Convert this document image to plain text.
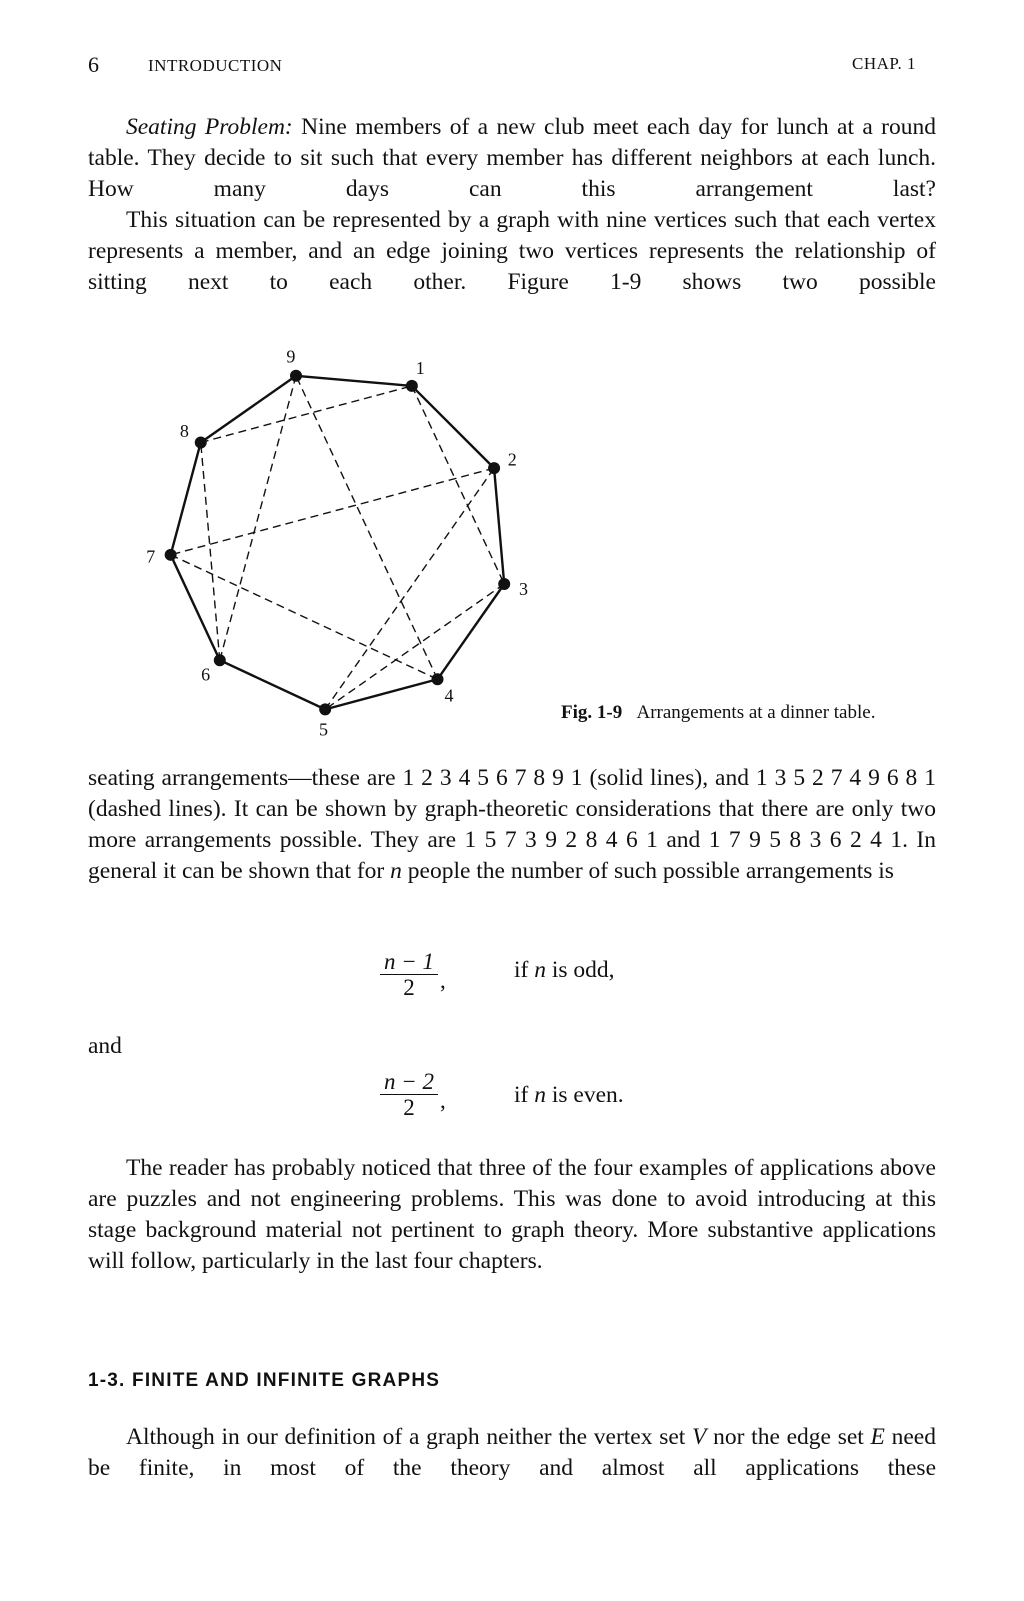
6	INTRODUCTION	CHAP. 1

Seating Problem: Nine members of a new club meet each day for lunch at a round table. They decide to sit such that every member has different neighbors at each lunch. How many days can this arrangement last?

This situation can be represented by a graph with nine vertices such that each vertex represents a member, and an edge joining two vertices represents the relationship of sitting next to each other. Figure 1-9 shows two possible

9
1
2
3
4
5
6
7
8
Fig. 1-9 Arrangements at a dinner table.

seating arrangements—these are 1 2 3 4 5 6 7 8 9 1 (solid lines), and 1 3 5 2 7 4 9 6 8 1 (dashed lines). It can be shown by graph-theoretic considerations that there are only two more arrangements possible. They are 1 5 7 3 9 2 8 4 6 1 and 1 7 9 5 8 3 6 2 4 1. In general it can be shown that for n people the number of such possible arrangements is

$\frac{n - 1}{2}$ ,	if n is odd,
and
$\frac{n - 2}{2}$ ,	if n is even.

The reader has probably noticed that three of the four examples of applications above are puzzles and not engineering problems. This was done to avoid introducing at this stage background material not pertinent to graph theory. More substantive applications will follow, particularly in the last four chapters.

1-3. FINITE AND INFINITE GRAPHS

Although in our definition of a graph neither the vertex set V nor the edge set E need be finite, in most of the theory and almost all applications these
